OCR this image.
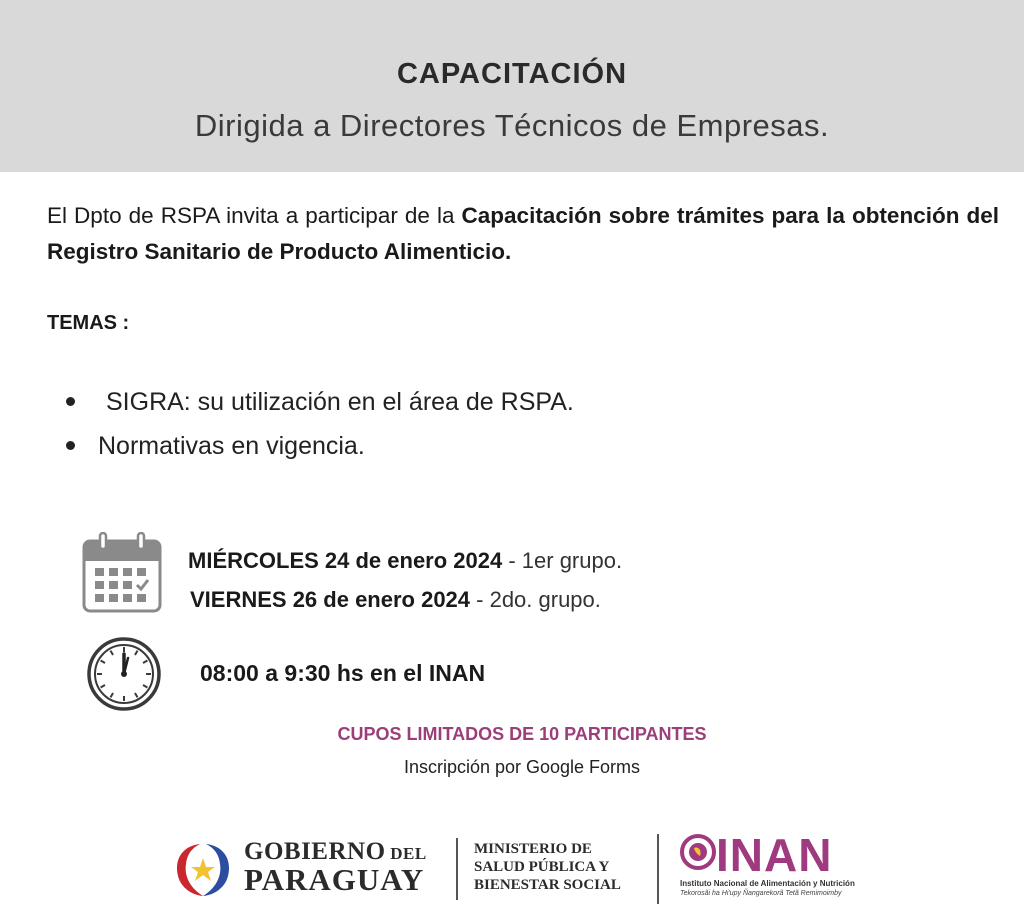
CAPACITACIÓN
Dirigida a Directores Técnicos de Empresas.
El Dpto de RSPA invita a participar de la Capacitación sobre trámites para la obtención del Registro Sanitario de Producto Alimenticio.
TEMAS :
SIGRA: su utilización en el área de RSPA.
Normativas en vigencia.
MIÉRCOLES 24 de enero 2024 - 1er grupo.
VIERNES 26 de enero 2024 - 2do. grupo.
08:00 a 9:30 hs en el INAN
CUPOS LIMITADOS DE 10 PARTICIPANTES
Inscripción por Google Forms
GOBIERNO DEL
PARAGUAY
MINISTERIO DE
SALUD PÚBLICA Y
BIENESTAR SOCIAL
INAN
Instituto Nacional de Alimentación y Nutrición
Tekorosãi ha Hi'upy Ñangarekorã Tetã Remimoimby
